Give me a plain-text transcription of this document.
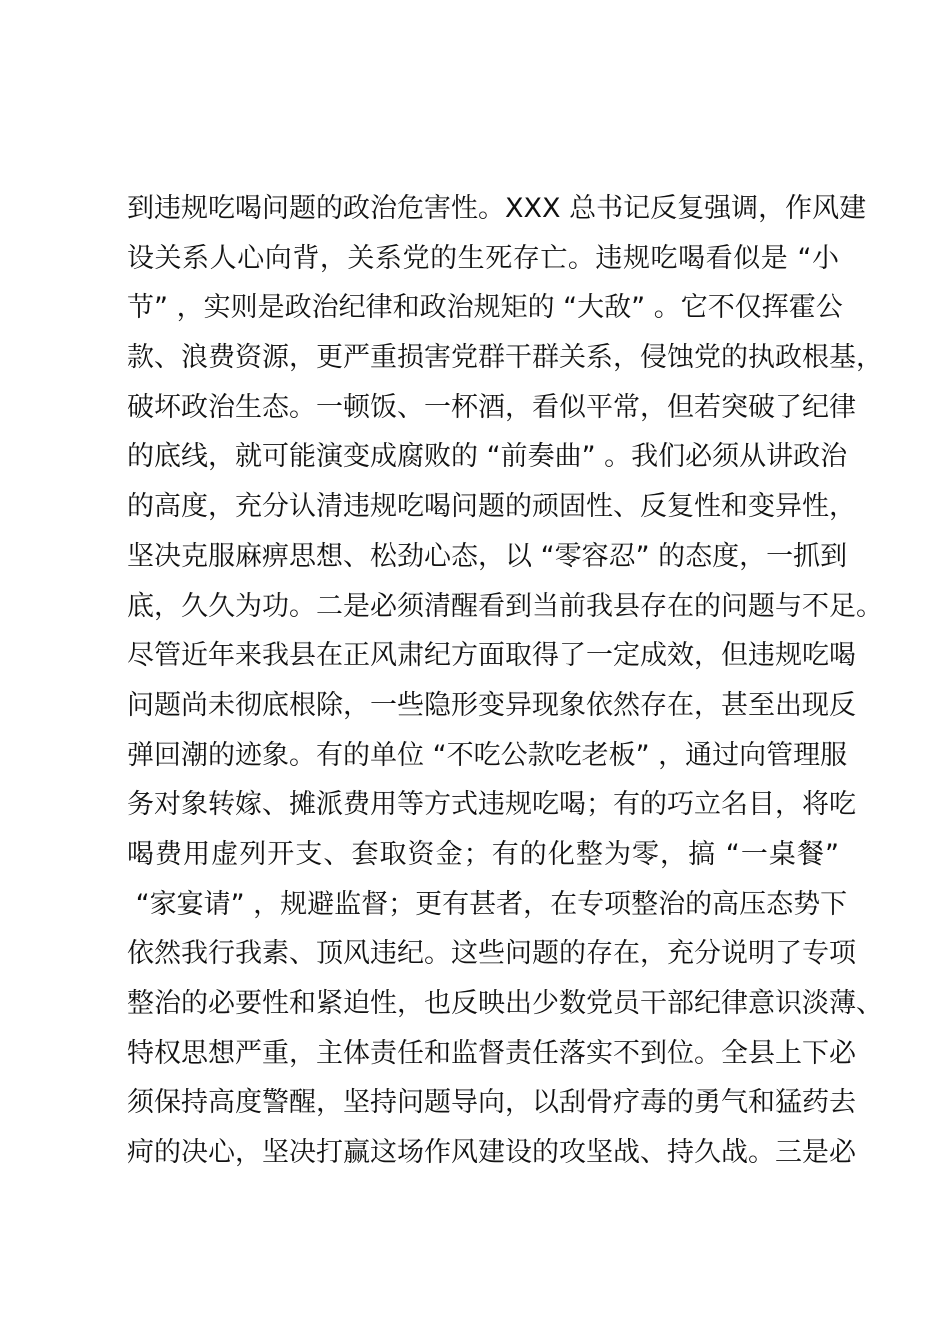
到违规吃喝问题的政治危害性。XXX 总书记反复强调，作风建
设关系人心向背，关系党的生死存亡。违规吃喝看似是 “小
节” ，实则是政治纪律和政治规矩的 “大敌” 。它不仅挥霍公
款、浪费资源，更严重损害党群干群关系，侵蚀党的执政根基，
破坏政治生态。一顿饭、一杯酒，看似平常，但若突破了纪律
的底线，就可能演变成腐败的 “前奏曲” 。我们必须从讲政治
的高度，充分认清违规吃喝问题的顽固性、反复性和变异性，
坚决克服麻痹思想、松劲心态，以 “零容忍” 的态度，一抓到
底，久久为功。二是必须清醒看到当前我县存在的问题与不足。
尽管近年来我县在正风肃纪方面取得了一定成效，但违规吃喝
问题尚未彻底根除，一些隐形变异现象依然存在，甚至出现反
弹回潮的迹象。有的单位 “不吃公款吃老板” ，通过向管理服
务对象转嫁、摊派费用等方式违规吃喝；有的巧立名目，将吃
喝费用虚列开支、套取资金；有的化整为零，搞 “一桌餐”
“家宴请” ，规避监督；更有甚者，在专项整治的高压态势下
依然我行我素、顶风违纪。这些问题的存在，充分说明了专项
整治的必要性和紧迫性，也反映出少数党员干部纪律意识淡薄、
特权思想严重，主体责任和监督责任落实不到位。全县上下必
须保持高度警醒，坚持问题导向，以刮骨疗毒的勇气和猛药去
疴的决心，坚决打赢这场作风建设的攻坚战、持久战。三是必
